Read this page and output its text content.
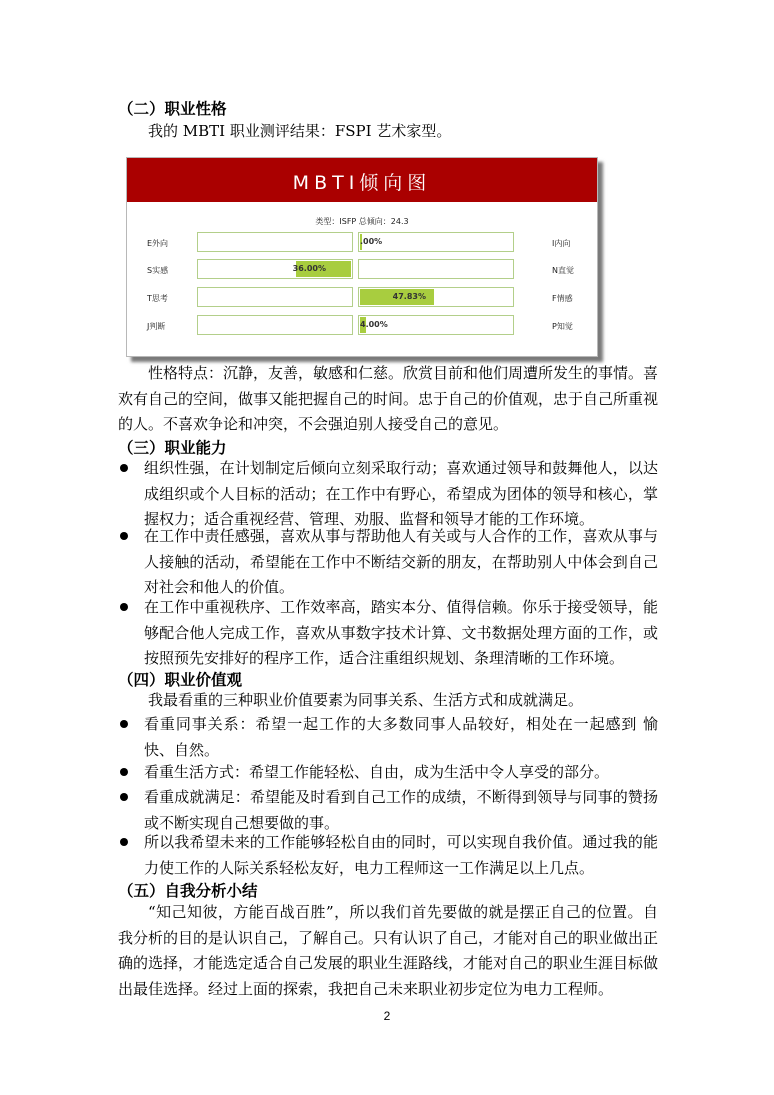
（二）职业性格
我的 MBTI 职业测评结果：FSPI 艺术家型。
MBTI倾向图
类型：ISFP 总倾向：24.3
E外向	I内向
.00%
S实感	N直觉
36.00%
T思考	F情感
47.83%
J判断	P知觉
4.00%
性格特点：沉静，友善，敏感和仁慈。欣赏目前和他们周遭所发生的事情。喜欢有自己的空间，做事又能把握自己的时间。忠于自己的价值观，忠于自己所重视的人。不喜欢争论和冲突，不会强迫别人接受自己的意见。
（三）职业能力
组织性强，在计划制定后倾向立刻采取行动；喜欢通过领导和鼓舞他人，以达成组织或个人目标的活动；在工作中有野心，希望成为团体的领导和核心，掌握权力；适合重视经营、管理、劝服、监督和领导才能的工作环境。
在工作中责任感强，喜欢从事与帮助他人有关或与人合作的工作，喜欢从事与人接触的活动，希望能在工作中不断结交新的朋友，在帮助别人中体会到自己对社会和他人的价值。
在工作中重视秩序、工作效率高，踏实本分、值得信赖。你乐于接受领导，能够配合他人完成工作，喜欢从事数字技术计算、文书数据处理方面的工作，或按照预先安排好的程序工作，适合注重组织规划、条理清晰的工作环境。
（四）职业价值观
我最看重的三种职业价值要素为同事关系、生活方式和成就满足。
看重同事关系：希望一起工作的大多数同事人品较好，相处在一起感到 愉快、自然。
看重生活方式：希望工作能轻松、自由，成为生活中令人享受的部分。
看重成就满足：希望能及时看到自己工作的成绩，不断得到领导与同事的赞扬或不断实现自己想要做的事。
所以我希望未来的工作能够轻松自由的同时，可以实现自我价值。通过我的能力使工作的人际关系轻松友好，电力工程师这一工作满足以上几点。
（五）自我分析小结
“知己知彼，方能百战百胜”，所以我们首先要做的就是摆正自己的位置。自我分析的目的是认识自己，了解自己。只有认识了自己，才能对自己的职业做出正确的选择，才能选定适合自己发展的职业生涯路线，才能对自己的职业生涯目标做出最佳选择。经过上面的探索，我把自己未来职业初步定位为电力工程师。
2
